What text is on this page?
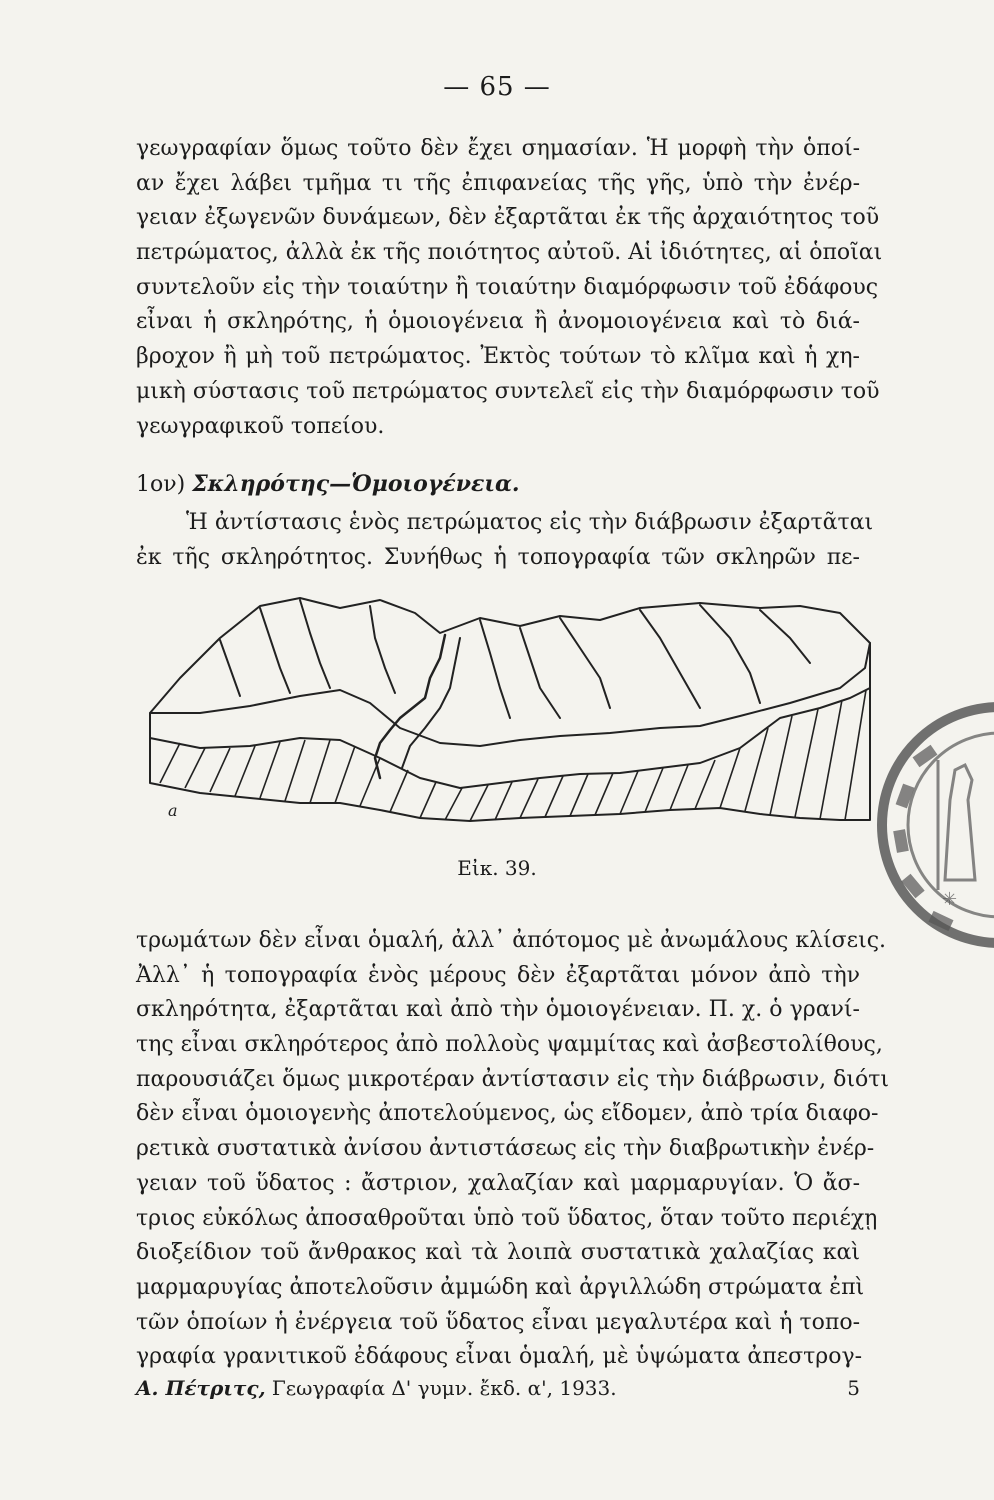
— 65 —
γεωγραφίαν ὅμως τοῦτο δὲν ἔχει σημασίαν. Ἡ μορφὴ τὴν ὁποί-
αν ἔχει λάβει τμῆμα τι τῆς ἐπιφανείας τῆς γῆς, ὑπὸ τὴν ἐνέρ-
γειαν ἐξωγενῶν δυνάμεων, δὲν ἐξαρτᾶται ἐκ τῆς ἀρχαιότητος τοῦ
πετρώματος, ἀλλὰ ἐκ τῆς ποιότητος αὐτοῦ. Αἱ ἰδιότητες, αἱ ὁποῖαι
συντελοῦν εἰς τὴν τοιαύτην ἢ τοιαύτην διαμόρφωσιν τοῦ ἐδάφους
εἶναι ἡ σκληρότης, ἡ ὁμοιογένεια ἢ ἀνομοιογένεια καὶ τὸ διά-
βροχον ἢ μὴ τοῦ πετρώματος. Ἐκτὸς τούτων τὸ κλῖμα καὶ ἡ χη-
μικὴ σύστασις τοῦ πετρώματος συντελεῖ εἰς τὴν διαμόρφωσιν τοῦ
γεωγραφικοῦ τοπείου.
1ον) Σκληρότης—Ὁμοιογένεια.
Ἡ ἀντίστασις ἑνὸς πετρώματος εἰς τὴν διάβρωσιν ἐξαρτᾶται
ἐκ τῆς σκληρότητος. Συνήθως ἡ τοπογραφία τῶν σκληρῶν πε-
a
Εἰκ. 39.
τρωμάτων δὲν εἶναι ὁμαλή, ἀλλ᾽ ἀπότομος μὲ ἀνωμάλους κλίσεις.
Ἀλλ᾽ ἡ τοπογραφία ἑνὸς μέρους δὲν ἐξαρτᾶται μόνον ἀπὸ τὴν
σκληρότητα, ἐξαρτᾶται καὶ ἀπὸ τὴν ὁμοιογένειαν. Π. χ. ὁ γρανί-
της εἶναι σκληρότερος ἀπὸ πολλοὺς ψαμμίτας καὶ ἀσβεστολίθους,
παρουσιάζει ὅμως μικροτέραν ἀντίστασιν εἰς τὴν διάβρωσιν, διότι
δὲν εἶναι ὁμοιογενὴς ἀποτελούμενος, ὡς εἴδομεν, ἀπὸ τρία διαφο-
ρετικὰ συστατικὰ ἀνίσου ἀντιστάσεως εἰς τὴν διαβρωτικὴν ἐνέρ-
γειαν τοῦ ὕδατος : ἄστριον, χαλαζίαν καὶ μαρμαρυγίαν. Ὁ ἄσ-
τριος εὐκόλως ἀποσαθροῦται ὑπὸ τοῦ ὕδατος, ὅταν τοῦτο περιέχῃ
διοξείδιον τοῦ ἄνθρακος καὶ τὰ λοιπὰ συστατικὰ χαλαζίας καὶ
μαρμαρυγίας ἀποτελοῦσιν ἀμμώδη καὶ ἀργιλλώδη στρώματα ἐπὶ
τῶν ὁποίων ἡ ἐνέργεια τοῦ ὕδατος εἶναι μεγαλυτέρα καὶ ἡ τοπο-
γραφία γρανιτικοῦ ἐδάφους εἶναι ὁμαλή, μὲ ὑψώματα ἀπεστρογ-
Α. Πέτριτς, Γεωγραφία Δ' γυμν. ἔκδ. α', 1933.	5
✳
